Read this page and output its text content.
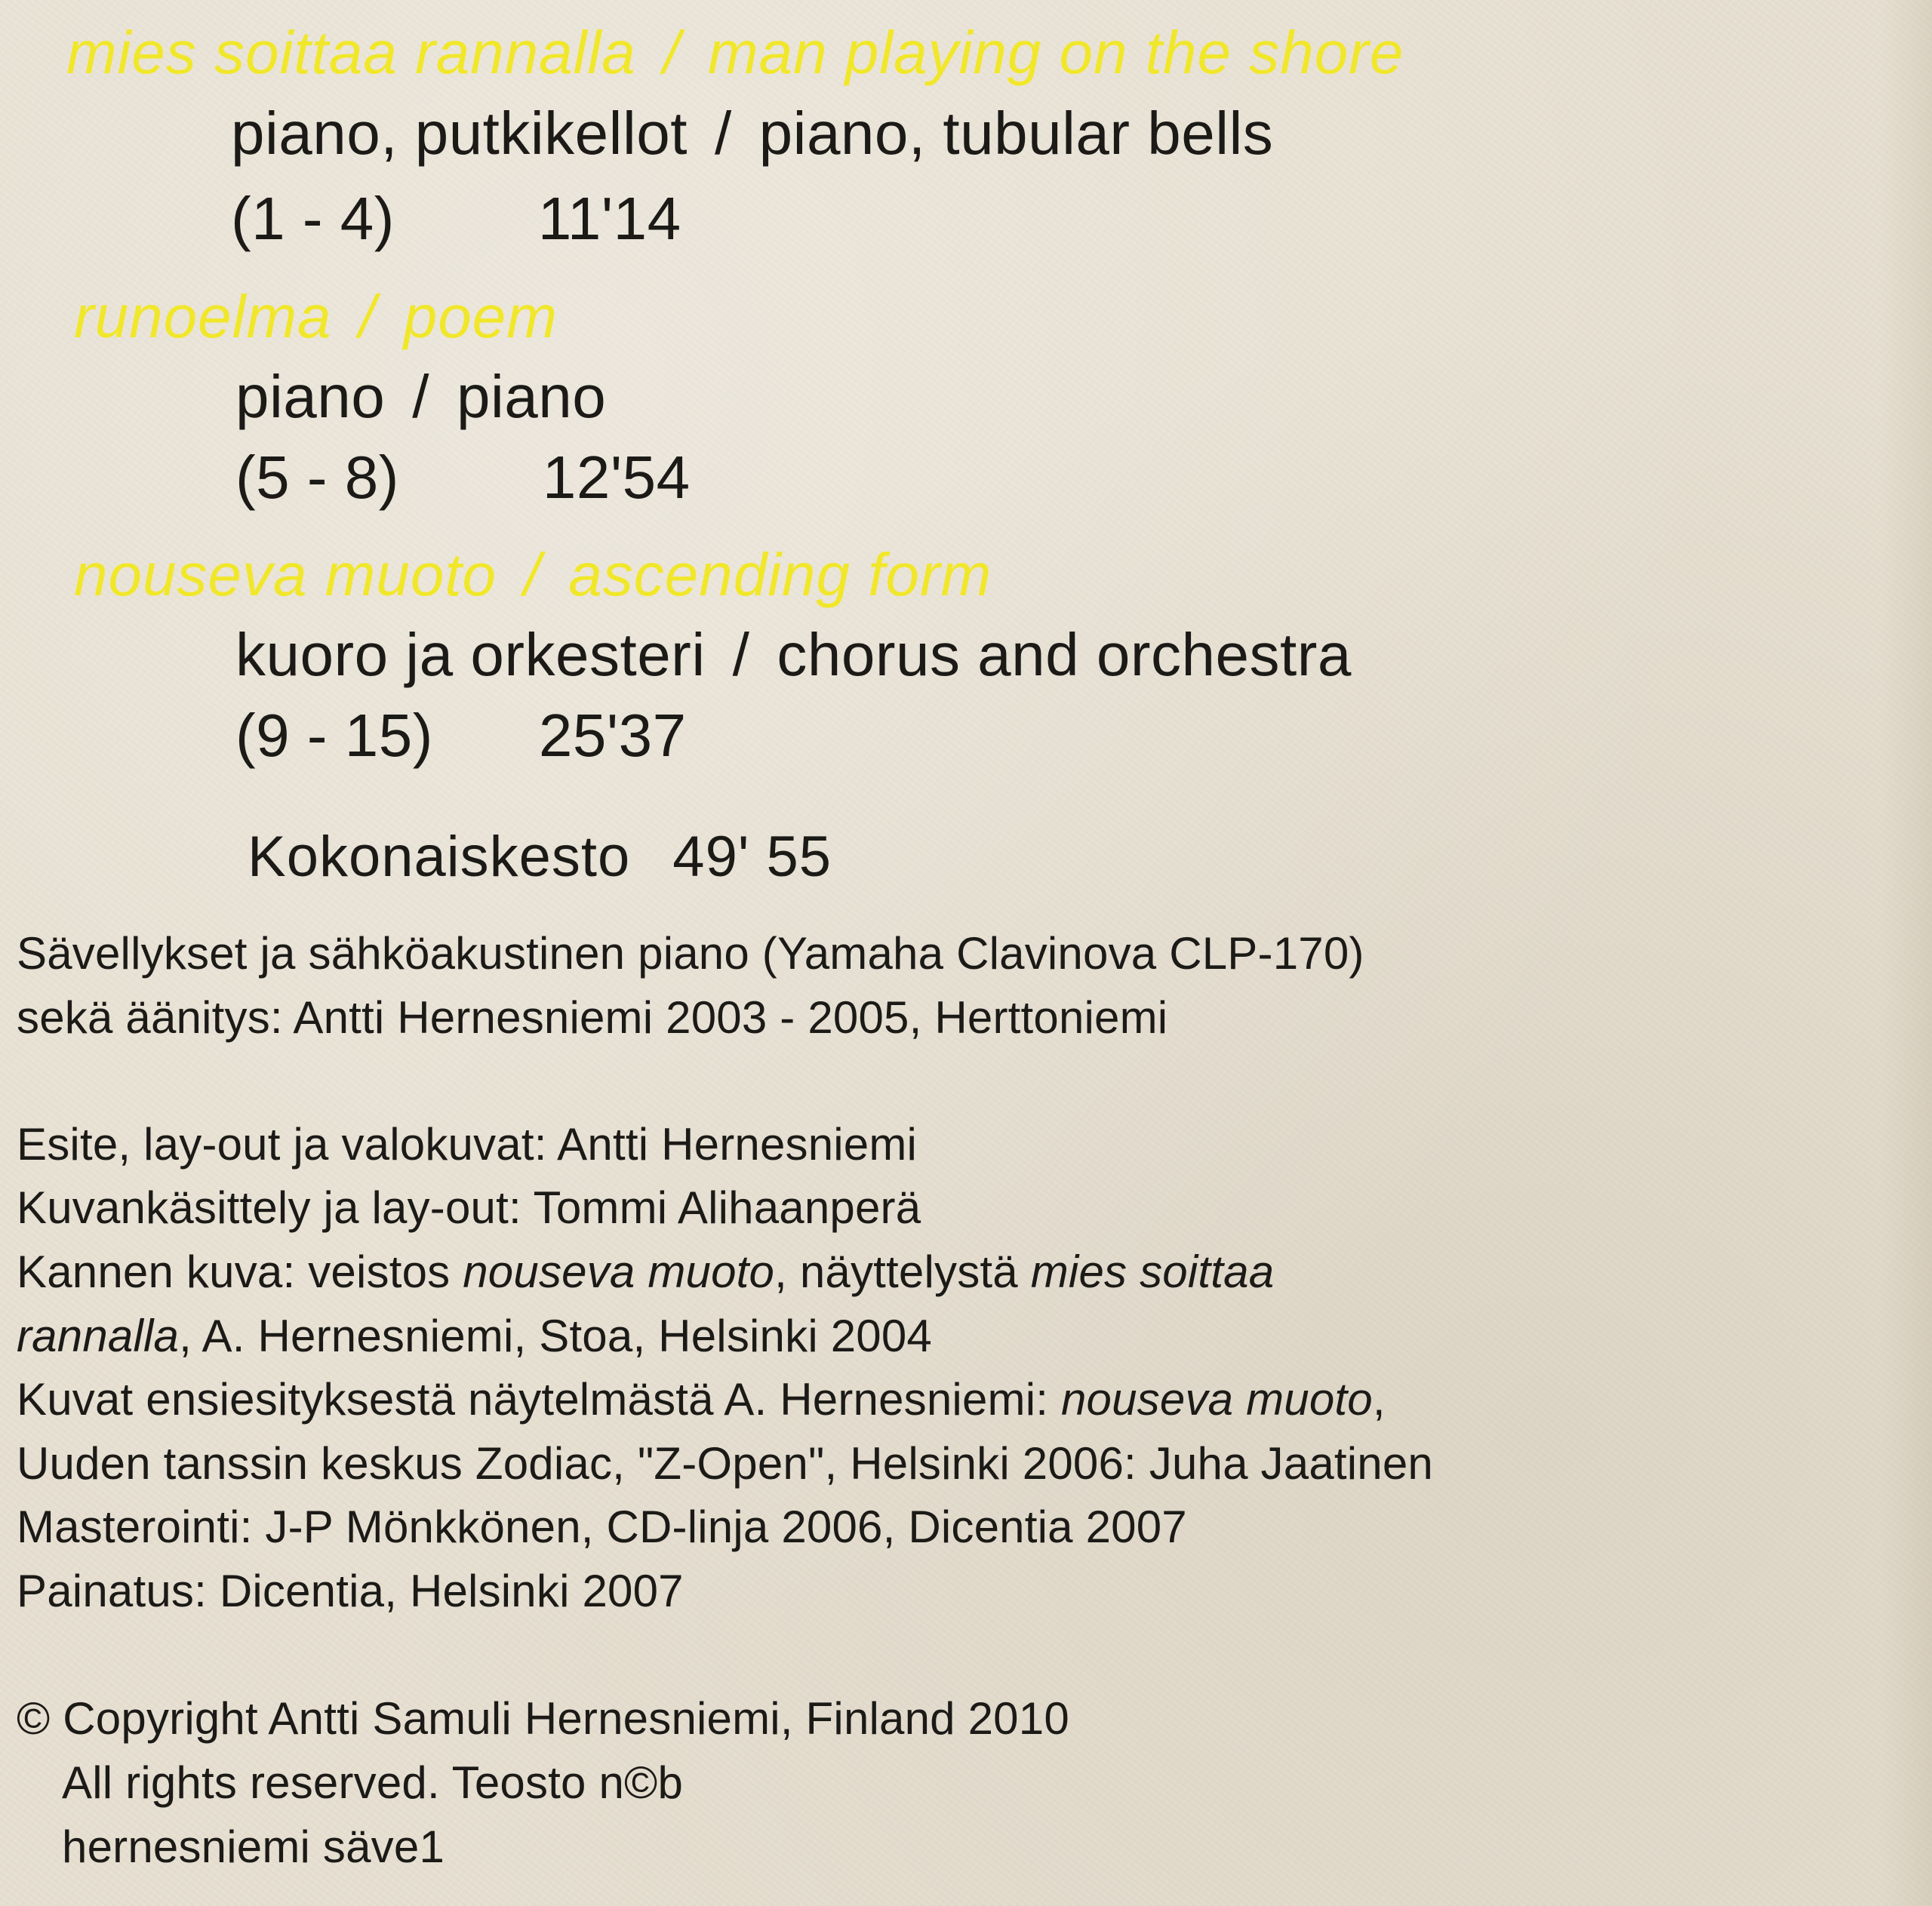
mies soittaa rannalla / man playing on the shore

piano, putkikellot / piano, tubular bells

(1 - 4) 11'14

runoelma / poem

piano / piano

(5 - 8) 12'54

nouseva muoto / ascending form

kuoro ja orkesteri / chorus and orchestra

(9 - 15) 25'37

Kokonaiskesto 49' 55

Sävellykset ja sähköakustinen piano (Yamaha Clavinova CLP-170)

sekä äänitys: Antti Hernesniemi 2003 - 2005, Herttoniemi

Esite, lay-out ja valokuvat: Antti Hernesniemi

Kuvankäsittely ja lay-out: Tommi Alihaanperä

Kannen kuva: veistos nouseva muoto, näyttelystä mies soittaa

rannalla, A. Hernesniemi, Stoa, Helsinki 2004

Kuvat ensiesityksestä näytelmästä A. Hernesniemi: nouseva muoto,

Uuden tanssin keskus Zodiac, "Z-Open", Helsinki 2006: Juha Jaatinen

Masterointi: J-P Mönkkönen, CD-linja 2006, Dicentia 2007

Painatus: Dicentia, Helsinki 2007

© Copyright Antti Samuli Hernesniemi, Finland 2010

All rights reserved. Teosto n©b

hernesniemi säve1
